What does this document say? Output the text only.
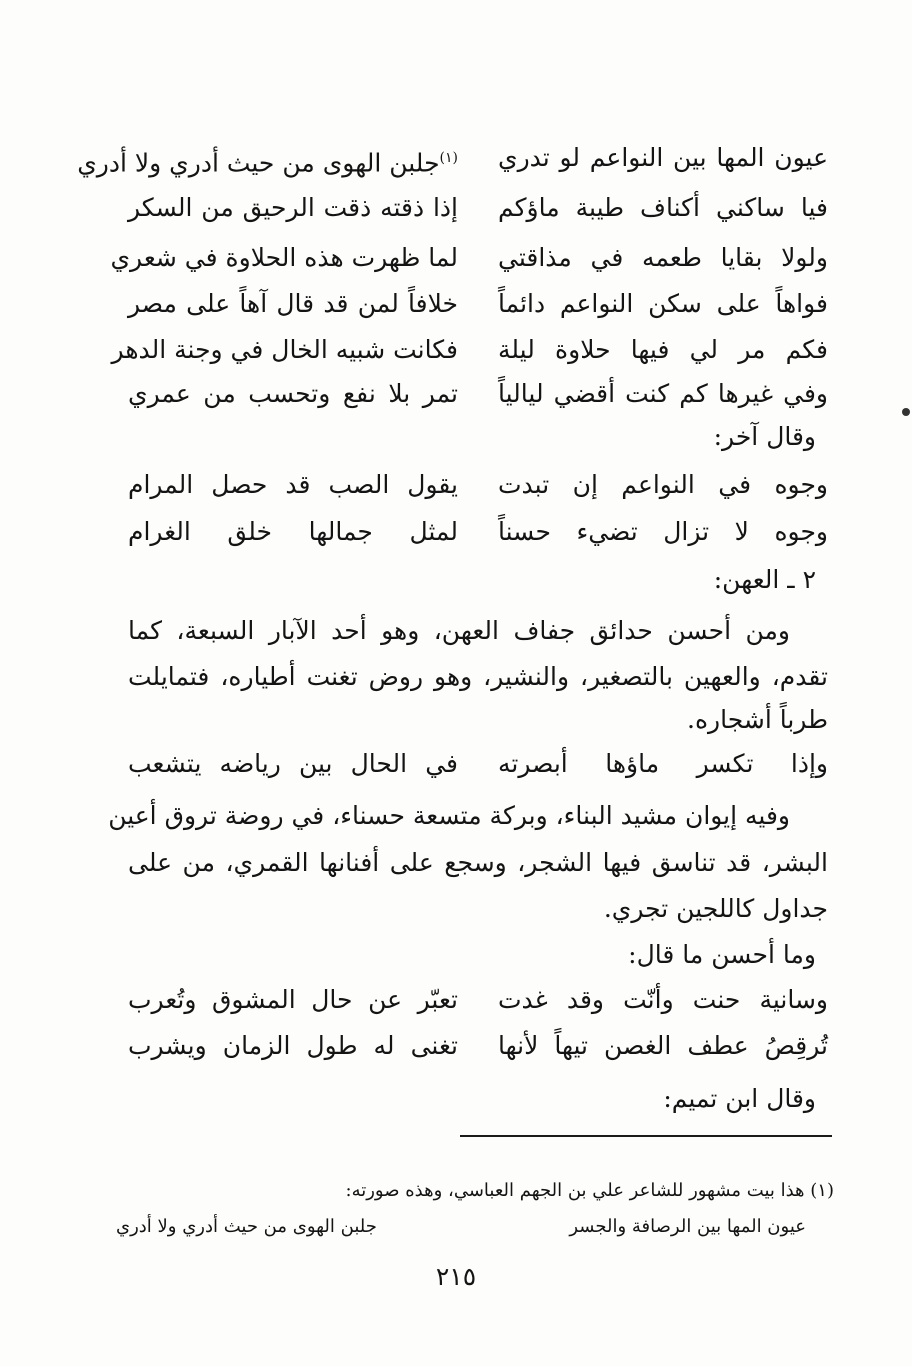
عيون المها بين النواعم لو تدري
$^{(١)}$جلبن الهوى من حيث أدري ولا أدري
فيا ساكني أكناف طيبة ماؤكم
إذا ذقته ذقت الرحيق من السكر
ولولا بقايا طعمه في مذاقتي
لما ظهرت هذه الحلاوة في شعري
فواهاً على سكن النواعم دائماً
خلافاً لمن قد قال آهاً على مصر
فكم مر لي فيها حلاوة ليلة
فكانت شبيه الخال في وجنة الدهر
وفي غيرها كم كنت أقضي ليالياً
تمر بلا نفع وتحسب من عمري
وقال آخر:
وجوه في النواعم إن تبدت
يقول الصب قد حصل المرام
وجوه لا تزال تضيء حسناً
لمثل جمالها خلق الغرام
٢ ـ العهن:
ومن أحسن حدائق جفاف العهن، وهو أحد الآبار السبعة، كما
تقدم، والعهين بالتصغير، والنشير، وهو روض تغنت أطياره، فتمايلت
طرباً أشجاره.
وإذا تكسر ماؤها أبصرته
في الحال بين رياضه يتشعب
وفيه إيوان مشيد البناء، وبركة متسعة حسناء، في روضة تروق أعين
البشر، قد تناسق فيها الشجر، وسجع على أفنانها القمري، من على
جداول كاللجين تجري.
وما أحسن ما قال:
وسانية حنت وأنّت وقد غدت
تعبّر عن حال المشوق وتُعرب
تُرقِصُ عطف الغصن تيهاً لأنها
تغنى له طول الزمان ويشرب
وقال ابن تميم:
(١) هذا بيت مشهور للشاعر علي بن الجهم العباسي، وهذه صورته:
عيون المها بين الرصافة والجسر
جلبن الهوى من حيث أدري ولا أدري
٢١٥
